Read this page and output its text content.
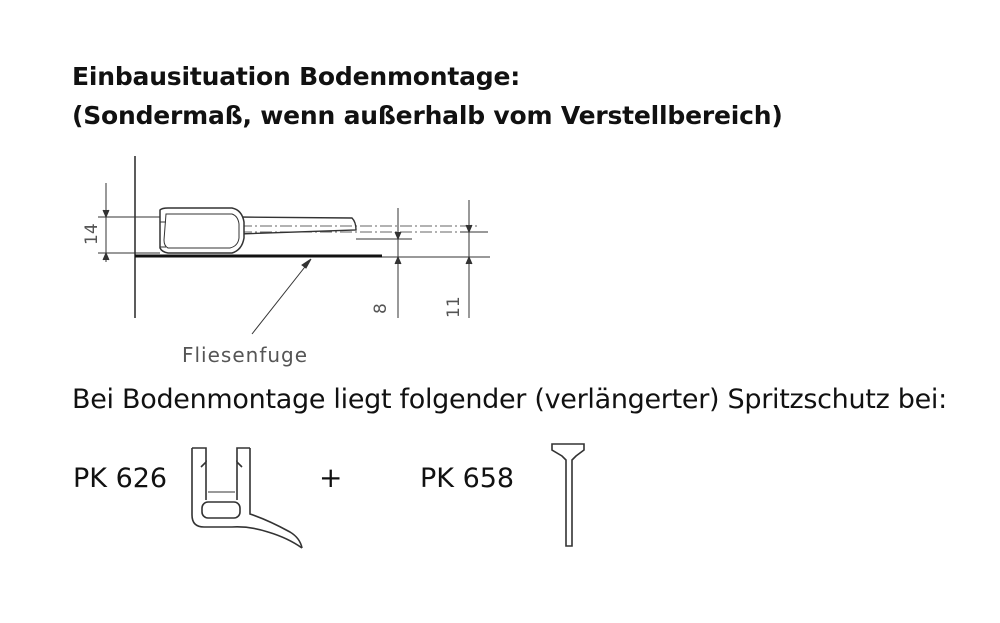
Einbausituation Bodenmontage:
(Sondermaß, wenn außerhalb vom Verstellbereich)
14
8	11
Fliesenfuge
Bei Bodenmontage liegt folgender (verlängerter) Spritzschutz bei:
PK 626	+	PK 658
